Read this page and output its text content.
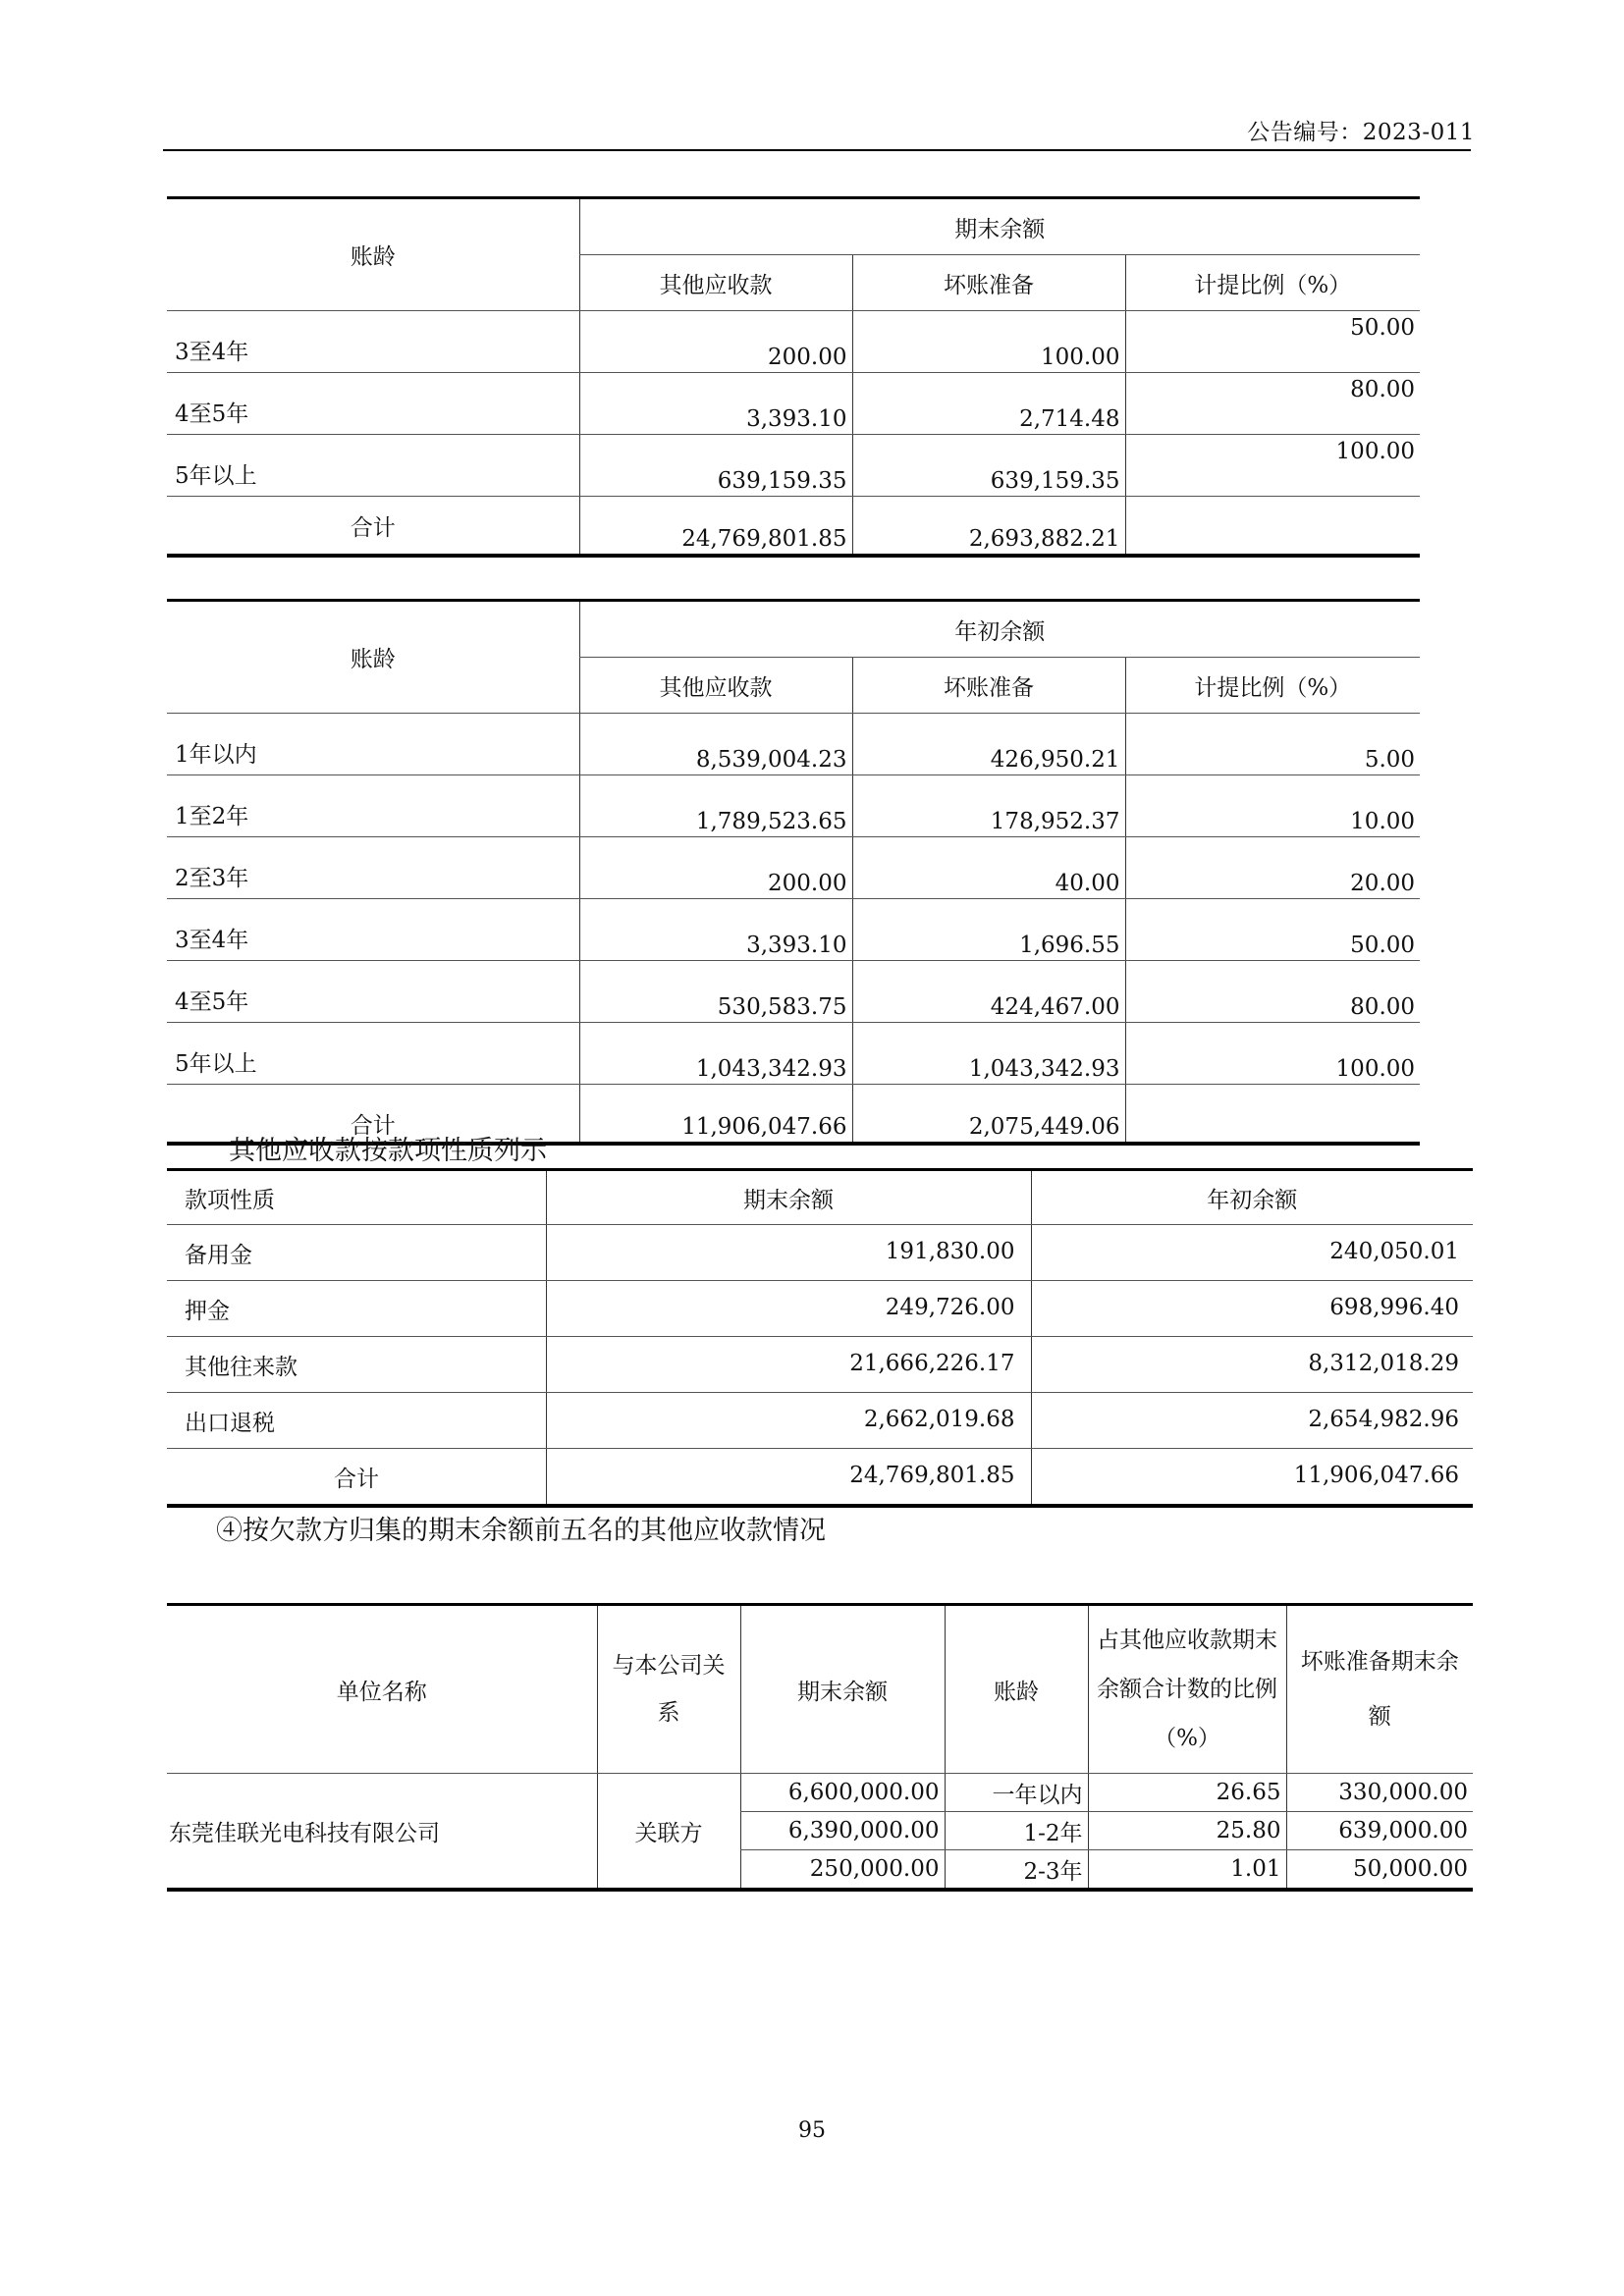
公告编号：2023-011
账龄	期末余额		
	其他应收款	坏账准备	计提比例（%）
3至4年	200.00	100.00	50.00
4至5年	3,393.10	2,714.48	80.00
5年以上	639,159.35	639,159.35	100.00
合计	24,769,801.85	2,693,882.21	
账龄	年初余额		
	其他应收款	坏账准备	计提比例（%）
1年以内	8,539,004.23	426,950.21	5.00
1至2年	1,789,523.65	178,952.37	10.00
2至3年	200.00	40.00	20.00
3至4年	3,393.10	1,696.55	50.00
4至5年	530,583.75	424,467.00	80.00
5年以上	1,043,342.93	1,043,342.93	100.00
合计	11,906,047.66	2,075,449.06	
其他应收款按款项性质列示
款项性质	期末余额	年初余额
备用金	191,830.00	240,050.01
押金	249,726.00	698,996.40
其他往来款	21,666,226.17	8,312,018.29
出口退税	2,662,019.68	2,654,982.96
合计	24,769,801.85	11,906,047.66
④按欠款方归集的期末余额前五名的其他应收款情况
单位名称	与本公司关系	期末余额	账龄	占其他应收款期末余额合计数的比例（%）	坏账准备期末余额
东莞佳联光电科技有限公司	关联方	6,600,000.00	一年以内	26.65	330,000.00
		6,390,000.00	1-2年	25.80	639,000.00
		250,000.00	2-3年	1.01	50,000.00
95
